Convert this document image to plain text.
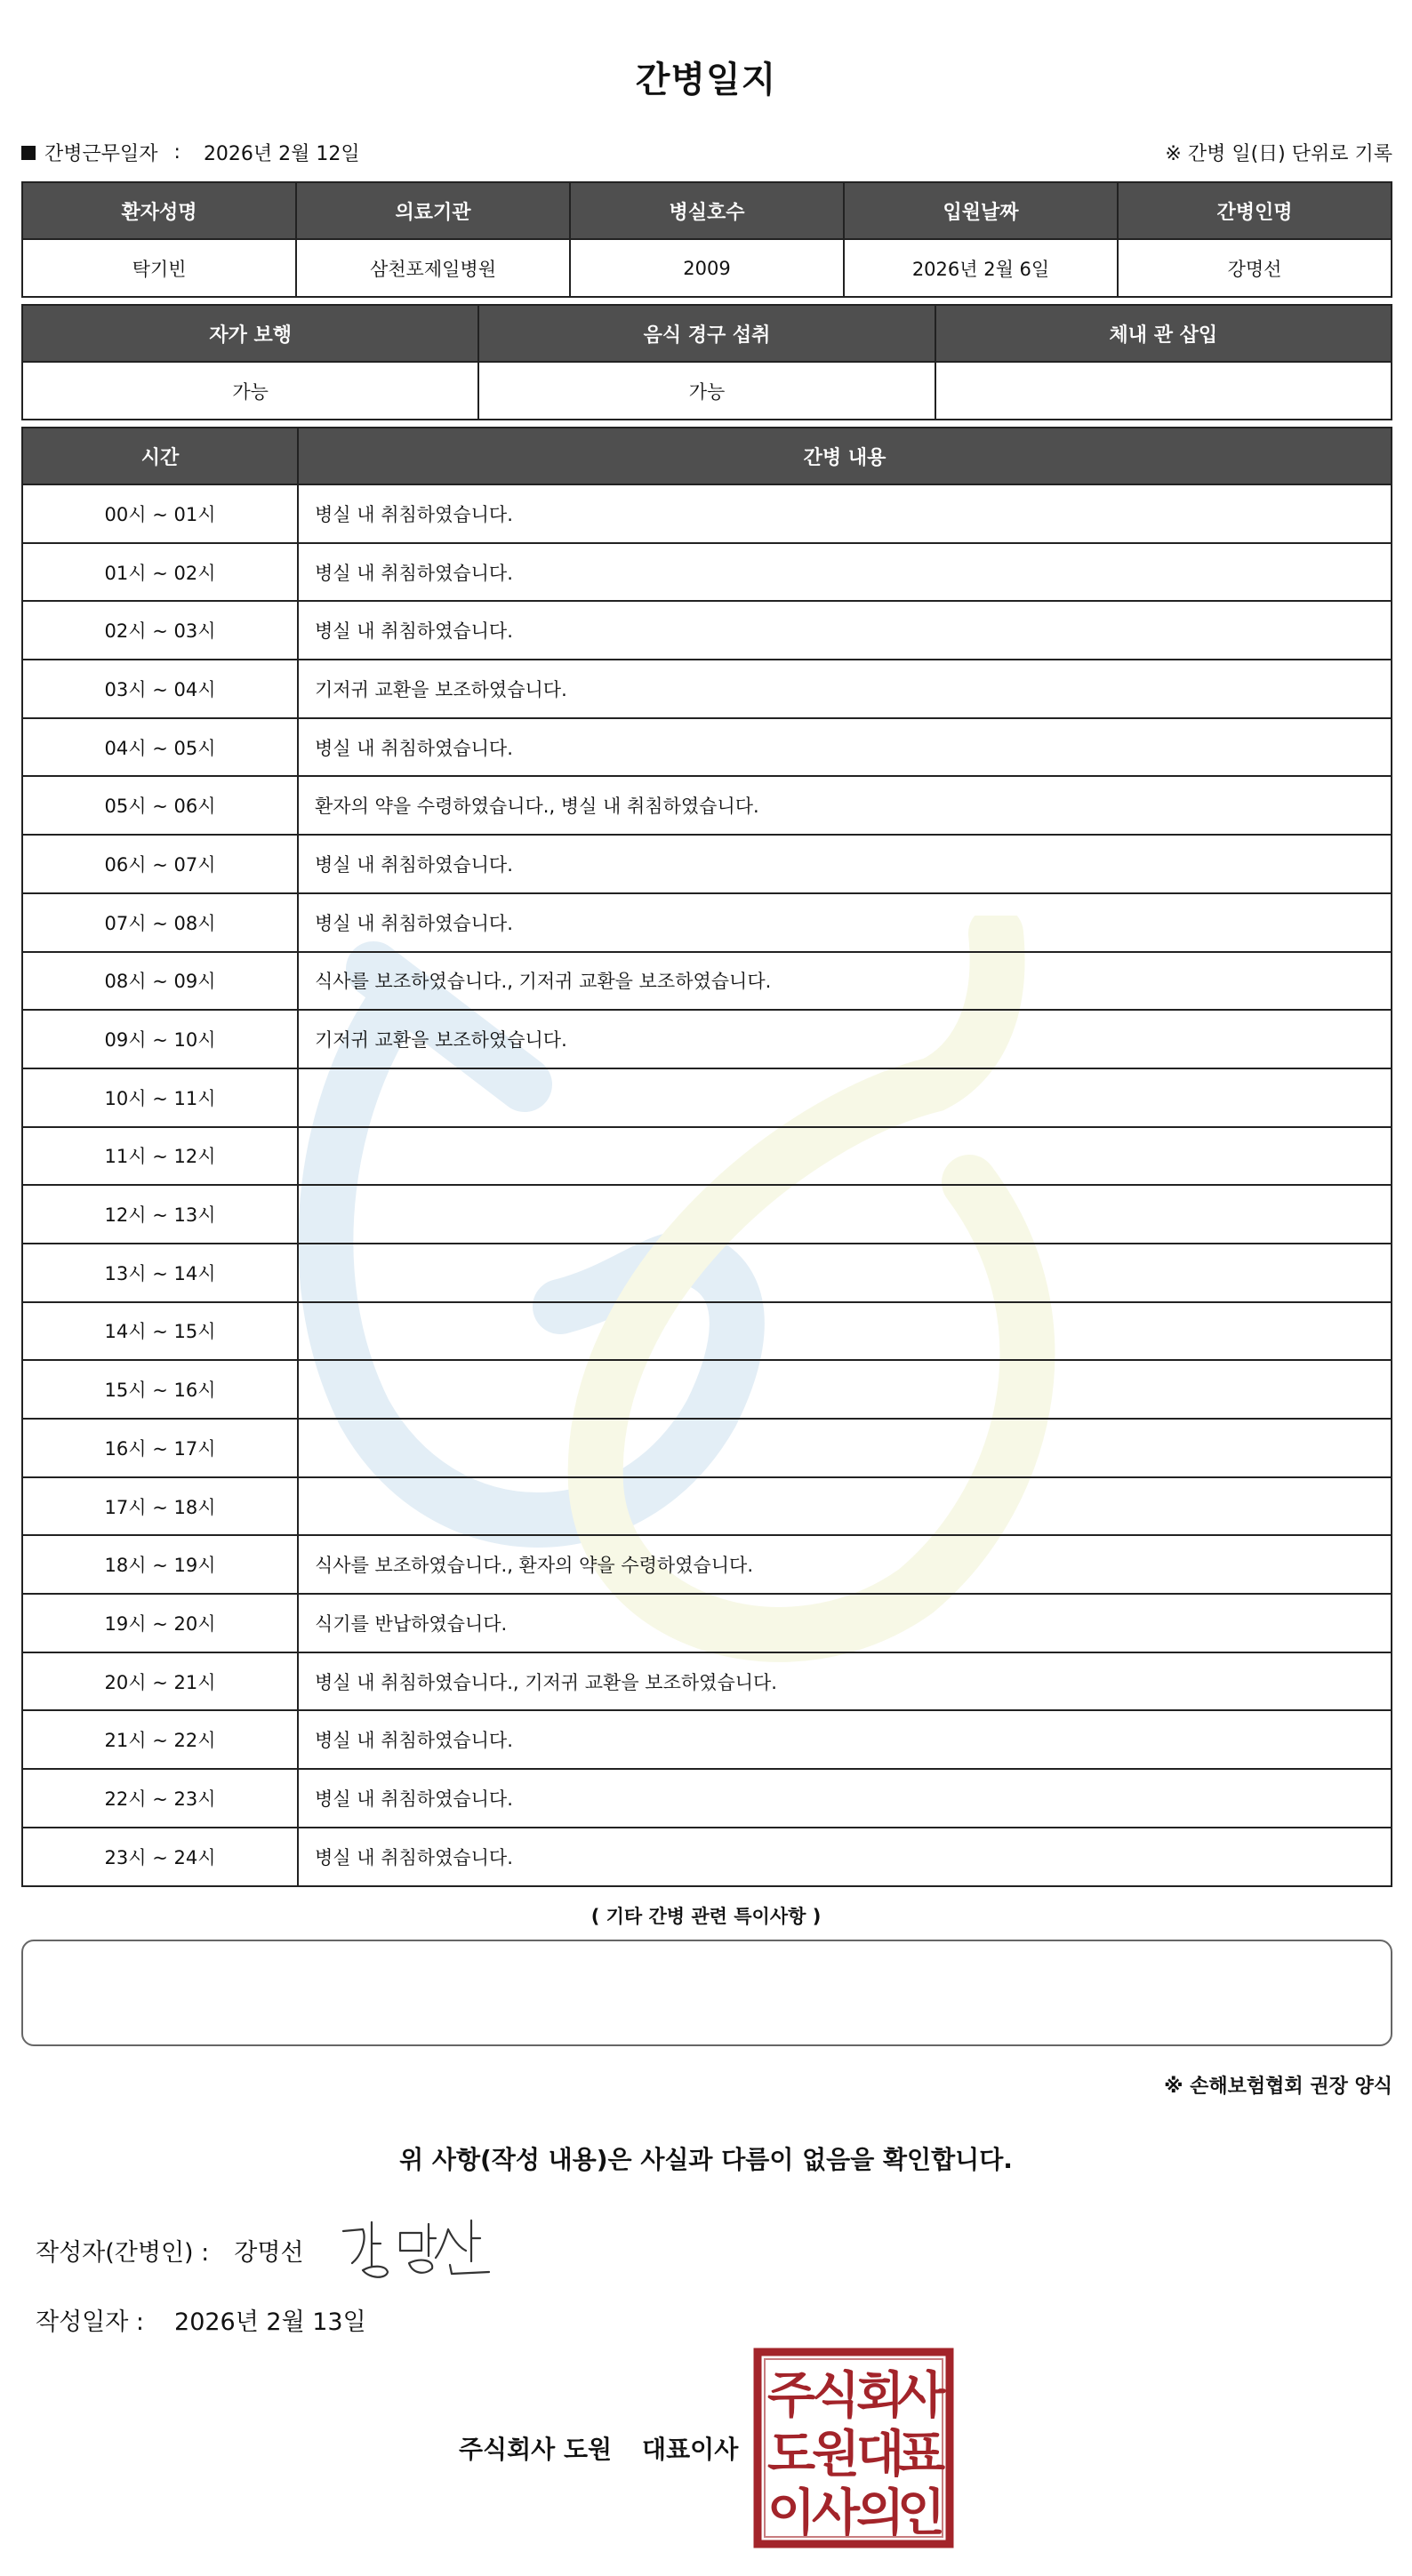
간병일지
간병근무일자 : 2026년 2월 12일	※ 간병 일(日) 단위로 기록
환자성명	의료기관	병실호수	입원날짜	간병인명
탁기빈	삼천포제일병원	2009	2026년 2월 6일	강명선
자가 보행	음식 경구 섭취	체내 관 삽입
가능	가능	
시간	간병 내용
00시 ~ 01시	병실 내 취침하였습니다.
01시 ~ 02시	병실 내 취침하였습니다.
02시 ~ 03시	병실 내 취침하였습니다.
03시 ~ 04시	기저귀 교환을 보조하였습니다.
04시 ~ 05시	병실 내 취침하였습니다.
05시 ~ 06시	환자의 약을 수령하였습니다., 병실 내 취침하였습니다.
06시 ~ 07시	병실 내 취침하였습니다.
07시 ~ 08시	병실 내 취침하였습니다.
08시 ~ 09시	식사를 보조하였습니다., 기저귀 교환을 보조하였습니다.
09시 ~ 10시	기저귀 교환을 보조하였습니다.
10시 ~ 11시	
11시 ~ 12시	
12시 ~ 13시	
13시 ~ 14시	
14시 ~ 15시	
15시 ~ 16시	
16시 ~ 17시	
17시 ~ 18시	
18시 ~ 19시	식사를 보조하였습니다., 환자의 약을 수령하였습니다.
19시 ~ 20시	식기를 반납하였습니다.
20시 ~ 21시	병실 내 취침하였습니다., 기저귀 교환을 보조하였습니다.
21시 ~ 22시	병실 내 취침하였습니다.
22시 ~ 23시	병실 내 취침하였습니다.
23시 ~ 24시	병실 내 취침하였습니다.
( 기타 간병 관련 특이사항 )
※ 손해보험협회 권장 양식
위 사항(작성 내용)은 사실과 다름이 없음을 확인합니다.
작성자(간병인) : 강명선
작성일자 : 2026년 2월 13일
주식회사 도원 대표이사
주
식
회
사
도
원
대
표
이
사
의
인
